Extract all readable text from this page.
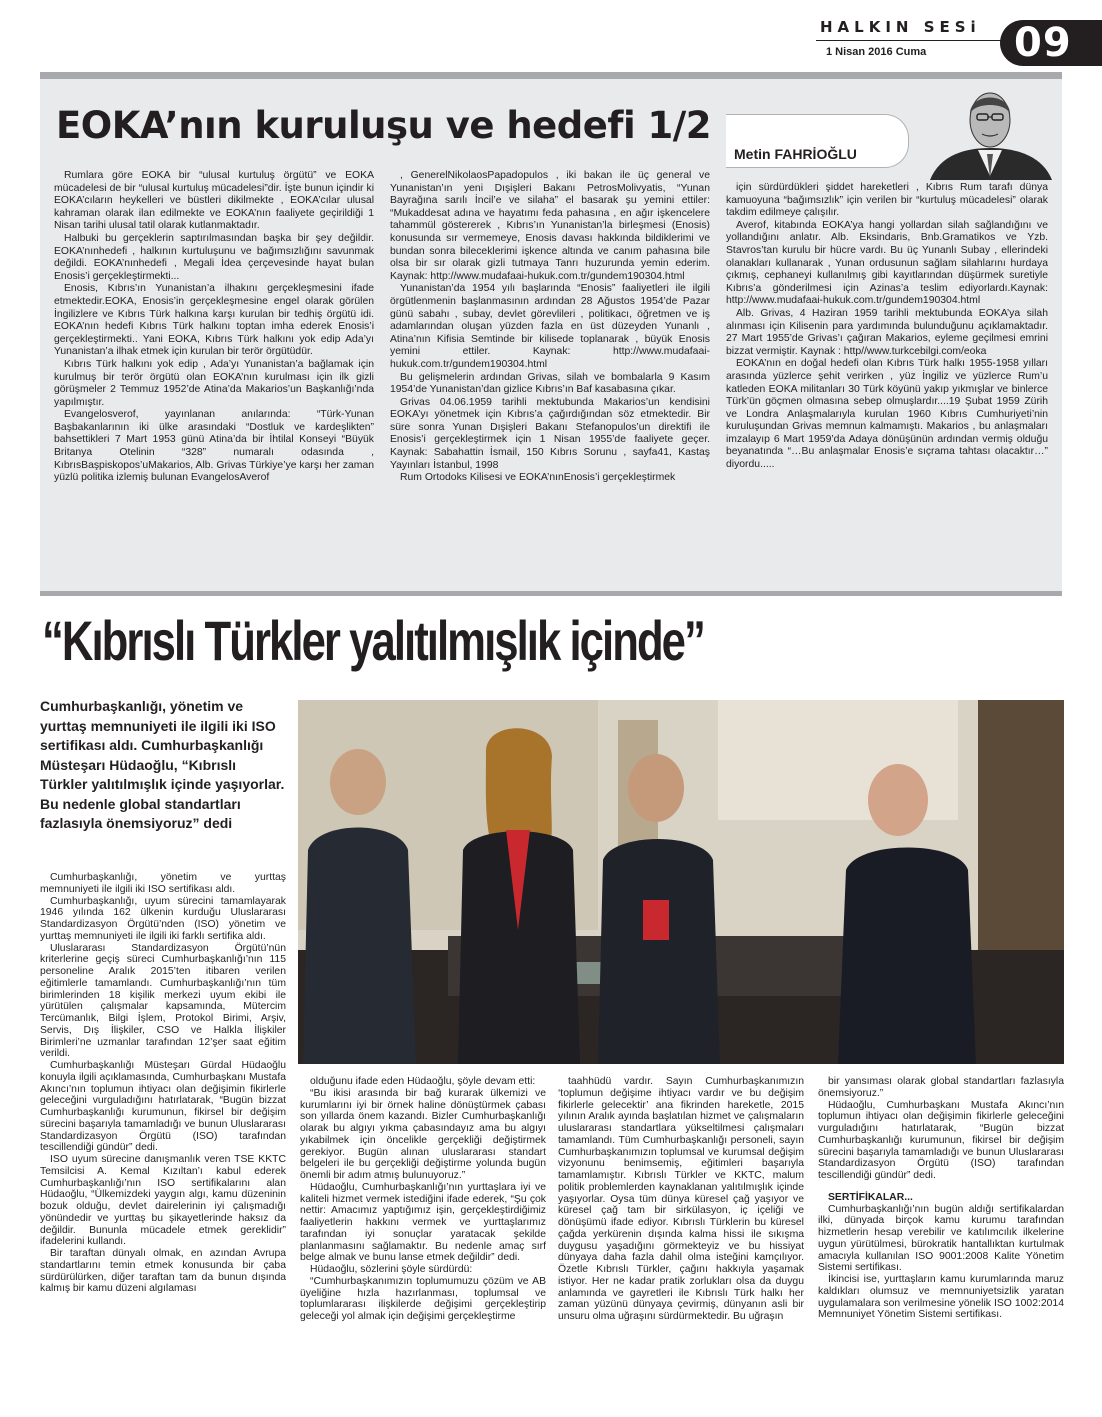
HALKIN SESi
1 Nisan 2016 Cuma 09
EOKA’nın kuruluşu ve hedefi 1/2
Metin FAHRİOĞLU

Rumlara göre EOKA bir “ulusal kurtuluş örgütü” ve EOKA mücadelesi de bir “ulusal kurtuluş mücadelesi”dir. İşte bunun içindir ki EOKA’cıların heykelleri ve büstleri dikilmekte , EOKA’cılar ulusal kahraman olarak ilan edilmekte ve EOKA’nın faaliyete geçirildiği 1 Nisan tarihi ulusal tatil olarak kutlanmaktadır.

Halbuki bu gerçeklerin saptırılmasından başka bir şey değildir. EOKA’nınhedefi , halkının kurtuluşunu ve bağımsızlığını savunmak değildi. EOKA’nınhedefi , Megali İdea çerçevesinde hayat bulan Enosis’i gerçekleştirmekti...

Enosis, Kıbrıs’ın Yunanistan’a ilhakını gerçekleşmesini ifade etmektedir.EOKA, Enosis’in gerçekleşmesine engel olarak görülen İngilizlere ve Kıbrıs Türk halkına karşı kurulan bir tedhiş örgütü idi. EOKA’nın hedefi Kıbrıs Türk halkını toptan imha ederek Enosis’i gerçekleştirmekti.. Yani EOKA, Kıbrıs Türk halkını yok edip Ada’yı Yunanistan’a ilhak etmek için kurulan bir terör örgütüdür.

Kıbrıs Türk halkını yok edip , Ada’yı Yunanistan’a bağlamak için kurulmuş bir terör örgütü olan EOKA’nın kurulması için ilk gizli görüşmeler 2 Temmuz 1952’de Atina’da Makarios’un Başkanlığı’nda yapılmıştır.

Evangelosverof, yayınlanan anılarında: “Türk-Yunan Başbakanlarının iki ülke arasındaki “Dostluk ve kardeşlikten” bahsettikleri 7 Mart 1953 günü Atina’da bir İhtilal Konseyi “Büyük Britanya Otelinin “328” numaralı odasında , KıbrısBaşpiskopos’uMakarios, Alb. Grivas Türkiye’ye karşı her zaman yüzlü politika izlemiş bulunan EvangelosAverof

, GenerelNikolaosPapadopulos , iki bakan ile üç general ve Yunanistan’ın yeni Dışişleri Bakanı PetrosMolivyatis, “Yunan Bayrağına sarılı İncil’e ve silaha” el basarak şu yemini ettiler: “Mukaddesat adına ve hayatımı feda pahasına , en ağır işkencelere tahammül göstererek , Kıbrıs’ın Yunanistan’la birleşmesi (Enosis) konusunda sır vermemeye, Enosis davası hakkında bildiklerimi ve bundan sonra bileceklerimi işkence altında ve canım pahasına bile olsa bir sır olarak gizli tutmaya Tanrı huzurunda yemin ederim. Kaynak: http://www.mudafaai-hukuk.com.tr/gundem190304.html

Yunanistan’da 1954 yılı başlarında “Enosis” faaliyetleri ile ilgili örgütlenmenin başlanmasının ardından 28 Ağustos 1954’de Pazar günü sabahı , subay, devlet görevlileri , politikacı, öğretmen ve iş adamlarından oluşan yüzden fazla en üst düzeyden Yunanlı , Atina’nın Kifisia Semtinde bir kilisede toplanarak , büyük Enosis yemini ettiler. Kaynak: http://www.mudafaai-hukuk.com.tr/gundem190304.html

Bu gelişmelerin ardından Grivas, silah ve bombalarla 9 Kasım 1954’de Yunanistan’dan gizlice Kıbrıs’ın Baf kasabasına çıkar.

Grivas 04.06.1959 tarihli mektubunda Makarios’un kendisini EOKA’yı yönetmek için Kıbrıs’a çağırdığından söz etmektedir. Bir süre sonra Yunan Dışişleri Bakanı Stefanopulos’un direktifi ile Enosis’i gerçekleştirmek için 1 Nisan 1955’de faaliyete geçer. Kaynak: Sabahattin İsmail, 150 Kıbrıs Sorunu , sayfa41, Kastaş Yayınları İstanbul, 1998

Rum Ortodoks Kilisesi ve EOKA’nınEnosis’i gerçekleştirmek

için sürdürdükleri şiddet hareketleri , Kıbrıs Rum tarafı dünya kamuoyuna “bağımsızlık” için verilen bir “kurtuluş mücadelesi” olarak takdim edilmeye çalışılır.

Averof, kitabında EOKA’ya hangi yollardan silah sağlandığını ve yollandığını anlatır. Alb. Eksindaris, Bnb.Gramatikos ve Yzb. Stavros’tan kurulu bir hücre vardı. Bu üç Yunanlı Subay , ellerindeki olanakları kullanarak , Yunan ordusunun sağlam silahlarını hurdaya çıkmış, cephaneyi kullanılmış gibi kayıtlarından düşürmek suretiyle Kıbrıs’a gönderilmesi için Azinas’a teslim ediyorlardı.Kaynak: http://www.mudafaai-hukuk.com.tr/gundem190304.html

Alb. Grivas, 4 Haziran 1959 tarihli mektubunda EOKA’ya silah alınması için Kilisenin para yardımında bulunduğunu açıklamaktadır. 27 Mart 1955’de Grivas’ı çağıran Makarios, eyleme geçilmesi emrini bizzat vermiştir. Kaynak : http//www.turkcebilgi.com/eoka

EOKA’nın en doğal hedefi olan Kıbrıs Türk halkı 1955-1958 yılları arasında yüzlerce şehit verirken , yüz İngiliz ve yüzlerce Rum’u katleden EOKA militanları 30 Türk köyünü yakıp yıkmışlar ve binlerce Türk’ün göçmen olmasına sebep olmuşlardır....19 Şubat 1959 Zürih ve Londra Anlaşmalarıyla kurulan 1960 Kıbrıs Cumhuriyeti’nin kuruluşundan Grivas memnun kalmamıştı. Makarios , bu anlaşmaları imzalayıp 6 Mart 1959’da Adaya dönüşünün ardından vermiş olduğu beyanatında “…Bu anlaşmalar Enosis’e sıçrama tahtası olacaktır…” diyordu.....

“Kıbrıslı Türkler yalıtılmışlık içinde”
Cumhurbaşkanlığı, yönetim ve yurttaş memnuniyeti ile ilgili iki ISO sertifikası aldı. Cumhurbaşkanlığı Müsteşarı Hüdaoğlu, “Kıbrıslı Türkler yalıtılmışlık içinde yaşıyorlar. Bu nedenle global standartları fazlasıyla önemsiyoruz” dedi

Cumhurbaşkanlığı, yönetim ve yurttaş memnuniyeti ile ilgili iki ISO sertifikası aldı.

Cumhurbaşkanlığı, uyum sürecini tamamlayarak 1946 yılında 162 ülkenin kurduğu Uluslararası Standardizasyon Örgütü’nden (ISO) yönetim ve yurttaş memnuniyeti ile ilgili iki farklı sertifika aldı.

Uluslararası Standardizasyon Örgütü’nün kriterlerine geçiş süreci Cumhurbaşkanlığı’nın 115 personeline Aralık 2015’ten itibaren verilen eğitimlerle tamamlandı. Cumhurbaşkanlığı’nın tüm birimlerinden 18 kişilik merkezi uyum ekibi ile yürütülen çalışmalar kapsamında, Mütercim Tercümanlık, Bilgi İşlem, Protokol Birimi, Arşiv, Servis, Dış İlişkiler, CSO ve Halkla İlişkiler Birimleri’ne uzmanlar tarafından 12’şer saat eğitim verildi.

Cumhurbaşkanlığı Müsteşarı Gürdal Hüdaoğlu konuyla ilgili açıklamasında, Cumhurbaşkanı Mustafa Akıncı’nın toplumun ihtiyacı olan değişimin fikirlerle geleceğini vurguladığını hatırlatarak, “Bugün bizzat Cumhurbaşkanlığı kurumunun, fikirsel bir değişim sürecini başarıyla tamamladığı ve bunun Uluslararası Standardizasyon Örgütü (ISO) tarafından tescillendiği gündür” dedi.

ISO uyum sürecine danışmanlık veren TSE KKTC Temsilcisi A. Kemal Kızıltan’ı kabul ederek Cumhurbaşkanlığı’nın ISO sertifikalarını alan Hüdaoğlu, “Ülkemizdeki yaygın algı, kamu düzeninin bozuk olduğu, devlet dairelerinin iyi çalışmadığı yönündedir ve yurttaş bu şikayetlerinde haksız da değildir. Bununla mücadele etmek gereklidir” ifadelerini kullandı.

Bir taraftan dünyalı olmak, en azından Avrupa standartlarını temin etmek konusunda bir çaba sürdürülürken, diğer taraftan tam da bunun dışında kalmış bir kamu düzeni algılaması

olduğunu ifade eden Hüdaoğlu, şöyle devam etti:

“Bu ikisi arasında bir bağ kurarak ülkemizi ve kurumlarını iyi bir örnek haline dönüştürmek çabası son yıllarda önem kazandı. Bizler Cumhurbaşkanlığı olarak bu algıyı yıkma çabasındayız ama bu algıyı yıkabilmek için öncelikle gerçekliği değiştirmek gerekiyor. Bugün alınan uluslararası standart belgeleri ile bu gerçekliği değiştirme yolunda bugün önemli bir adım atmış bulunuyoruz.”

Hüdaoğlu, Cumhurbaşkanlığı’nın yurttaşlara iyi ve kaliteli hizmet vermek istediğini ifade ederek, “Şu çok nettir: Amacımız yaptığımız işin, gerçekleştirdiğimiz faaliyetlerin hakkını vermek ve yurttaşlarımız tarafından iyi sonuçlar yaratacak şekilde planlanmasını sağlamaktır. Bu nedenle amaç sırf belge almak ve bunu lanse etmek değildir” dedi.

Hüdaoğlu, sözlerini şöyle sürdürdü:

“Cumhurbaşkanımızın toplumumuzu çözüm ve AB üyeliğine hızla hazırlanması, toplumsal ve toplumlararası ilişkilerde değişimi gerçekleştirip geleceği yol almak için değişimi gerçekleştirme

taahhüdü vardır. Sayın Cumhurbaşkanımızın ‘toplumun değişime ihtiyacı vardır ve bu değişim fikirlerle gelecektir’ ana fikrinden hareketle, 2015 yılının Aralık ayında başlatılan hizmet ve çalışmaların uluslararası standartlara yükseltilmesi çalışmaları tamamlandı. Tüm Cumhurbaşkanlığı personeli, sayın Cumhurbaşkanımızın toplumsal ve kurumsal değişim vizyonunu benimsemiş, eğitimleri başarıyla tamamlamıştır. Kıbrıslı Türkler ve KKTC, malum politik problemlerden kaynaklanan yalıtılmışlık içinde yaşıyorlar. Oysa tüm dünya küresel çağ yaşıyor ve küresel çağ tam bir sirkülasyon, iç içeliği ve dönüşümü ifade ediyor. Kıbrıslı Türklerin bu küresel çağda yerkürenin dışında kalma hissi ile sıkışma duygusu yaşadığını görmekteyiz ve bu hissiyat dünyaya daha fazla dahil olma isteğini kamçılıyor. Özetle Kıbrıslı Türkler, çağını hakkıyla yaşamak istiyor. Her ne kadar pratik zorlukları olsa da duygu anlamında ve gayretleri ile Kıbrıslı Türk halkı her zaman yüzünü dünyaya çevirmiş, dünyanın asli bir unsuru olma uğraşını sürdürmektedir. Bu uğraşın

bir yansıması olarak global standartları fazlasıyla önemsiyoruz.”

Hüdaoğlu, Cumhurbaşkanı Mustafa Akıncı’nın toplumun ihtiyacı olan değişimin fikirlerle geleceğini vurguladığını hatırlatarak, “Bugün bizzat Cumhurbaşkanlığı kurumunun, fikirsel bir değişim sürecini başarıyla tamamladığı ve bunun Uluslararası Standardizasyon Örgütü (ISO) tarafından tescillendiği gündür” dedi.

SERTİFİKALAR...

Cumhurbaşkanlığı’nın bugün aldığı sertifikalardan ilki, dünyada birçok kamu kurumu tarafından hizmetlerin hesap verebilir ve katılımcılık ilkelerine uygun yürütülmesi, bürokratik hantallıktan kurtulmak amacıyla kullanılan ISO 9001:2008 Kalite Yönetim Sistemi sertifikası.

İkincisi ise, yurttaşların kamu kurumlarında maruz kaldıkları olumsuz ve memnuniyetsizlik yaratan uygulamalara son verilmesine yönelik ISO 1002:2014 Memnuniyet Yönetim Sistemi sertifikası.
